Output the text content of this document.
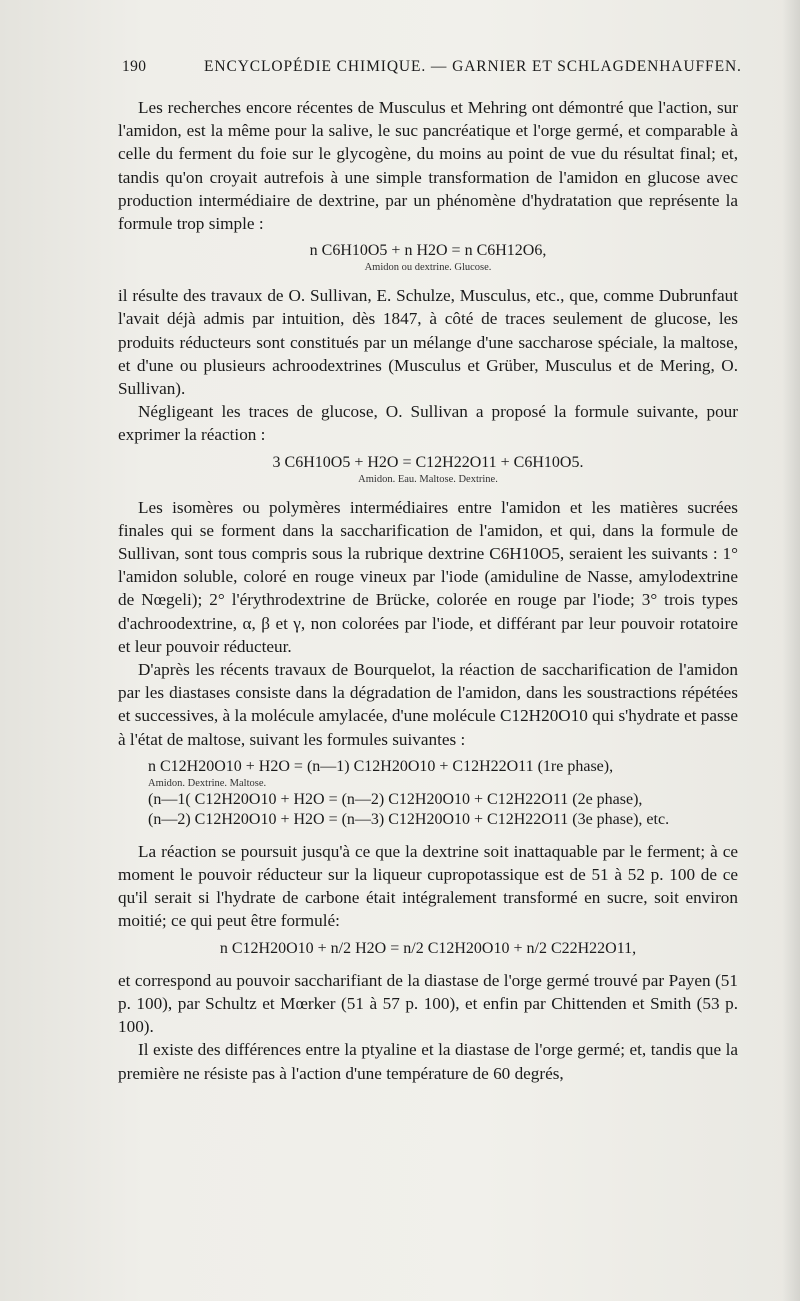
190	ENCYCLOPÉDIE CHIMIQUE. — GARNIER ET SCHLAGDENHAUFFEN.

Les recherches encore récentes de Musculus et Mehring ont démontré que l'action, sur l'amidon, est la même pour la salive, le suc pancréatique et l'orge germé, et comparable à celle du ferment du foie sur le glycogène, du moins au point de vue du résultat final; et, tandis qu'on croyait autrefois à une simple transformation de l'amidon en glucose avec production intermédiaire de dextrine, par un phénomène d'hydratation que représente la formule trop simple :

n C6H10O5 + n H2O = n C6H12O6,
Amidon ou dextrine. Glucose.

il résulte des travaux de O. Sullivan, E. Schulze, Musculus, etc., que, comme Dubrunfaut l'avait déjà admis par intuition, dès 1847, à côté de traces seulement de glucose, les produits réducteurs sont constitués par un mélange d'une saccharose spéciale, la maltose, et d'une ou plusieurs achroodextrines (Musculus et Grüber, Musculus et de Mering, O. Sullivan).

Négligeant les traces de glucose, O. Sullivan a proposé la formule suivante, pour exprimer la réaction :

3 C6H10O5 + H2O = C12H22O11 + C6H10O5.
Amidon. Eau. Maltose. Dextrine.

Les isomères ou polymères intermédiaires entre l'amidon et les matières sucrées finales qui se forment dans la saccharification de l'amidon, et qui, dans la formule de Sullivan, sont tous compris sous la rubrique dextrine C6H10O5, seraient les suivants : 1° l'amidon soluble, coloré en rouge vineux par l'iode (amiduline de Nasse, amylodextrine de Nœgeli); 2° l'érythrodextrine de Brücke, colorée en rouge par l'iode; 3° trois types d'achroodextrine, α, β et γ, non colorées par l'iode, et différant par leur pouvoir rotatoire et leur pouvoir réducteur.

D'après les récents travaux de Bourquelot, la réaction de saccharification de l'amidon par les diastases consiste dans la dégradation de l'amidon, dans les soustractions répétées et successives, à la molécule amylacée, d'une molécule C12H20O10 qui s'hydrate et passe à l'état de maltose, suivant les formules suivantes :

n C12H20O10 + H2O = (n—1) C12H20O10 + C12H22O11 (1re phase),
Amidon. Dextrine. Maltose.
(n—1( C12H20O10 + H2O = (n—2) C12H20O10 + C12H22O11 (2e phase),
(n—2) C12H20O10 + H2O = (n—3) C12H20O10 + C12H22O11 (3e phase), etc.

La réaction se poursuit jusqu'à ce que la dextrine soit inattaquable par le ferment; à ce moment le pouvoir réducteur sur la liqueur cupropotassique est de 51 à 52 p. 100 de ce qu'il serait si l'hydrate de carbone était intégralement transformé en sucre, soit environ moitié; ce qui peut être formulé:

n C12H20O10 + n/2 H2O = n/2 C12H20O10 + n/2 C22H22O11,

et correspond au pouvoir saccharifiant de la diastase de l'orge germé trouvé par Payen (51 p. 100), par Schultz et Mœrker (51 à 57 p. 100), et enfin par Chittenden et Smith (53 p. 100).

Il existe des différences entre la ptyaline et la diastase de l'orge germé; et, tandis que la première ne résiste pas à l'action d'une température de 60 degrés,
